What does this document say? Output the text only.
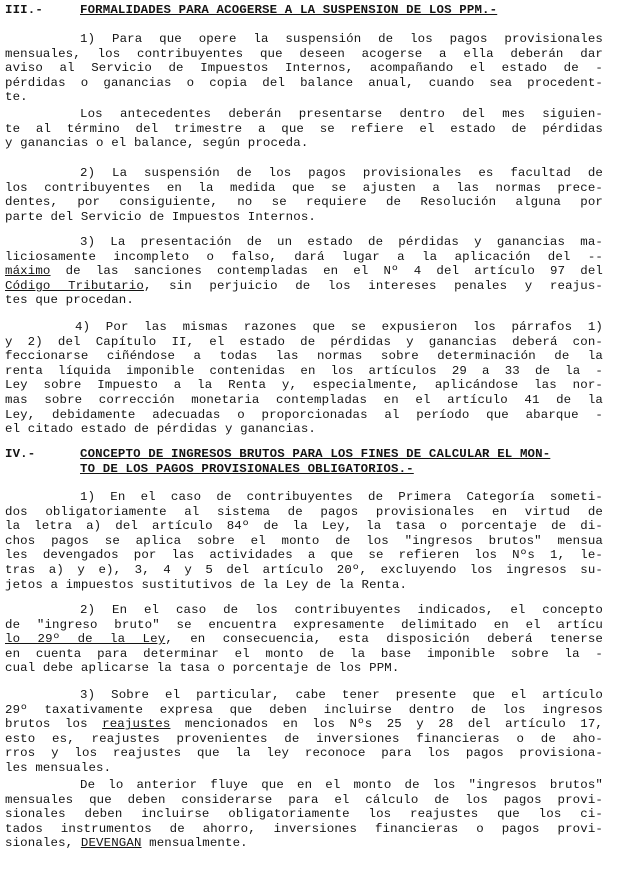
III.-	FORMALIDADES PARA ACOGERSE A LA SUSPENSION DE LOS PPM.-
1) Para que opere la suspensión de los pagos provisionales
mensuales, los contribuyentes que deseen acogerse a ella deberán dar
aviso al Servicio de Impuestos Internos, acompañando el estado de -
pérdidas o ganancias o copia del balance anual, cuando sea procedent-
te.
Los antecedentes deberán presentarse dentro del mes siguien-
te al término del trimestre a que se refiere el estado de pérdidas
y ganancias o el balance, según proceda.
2) La suspensión de los pagos provisionales es facultad de
los contribuyentes en la medida que se ajusten a las normas prece-
dentes, por consiguiente, no se requiere de Resolución alguna por
parte del Servicio de Impuestos Internos.
3) La presentación de un estado de pérdidas y ganancias ma-
liciosamente incompleto o falso, dará lugar a la aplicación del --
máximo de las sanciones contempladas en el Nº 4 del artículo 97 del
Código Tributario, sin perjuicio de los intereses penales y reajus-
tes que procedan.
4) Por las mismas razones que se expusieron los párrafos 1)
y 2) del Capítulo II, el estado de pérdidas y ganancias deberá con-
feccionarse ciñéndose a todas las normas sobre determinación de la
renta líquida imponible contenidas en los artículos 29 a 33 de la -
Ley sobre Impuesto a la Renta y, especialmente, aplicándose las nor-
mas sobre corrección monetaria contempladas en el artículo 41 de la
Ley, debidamente adecuadas o proporcionadas al período que abarque -
el citado estado de pérdidas y ganancias.
IV.-	CONCEPTO DE INGRESOS BRUTOS PARA LOS FINES DE CALCULAR EL MON-
TO DE LOS PAGOS PROVISIONALES OBLIGATORIOS.-
1) En el caso de contribuyentes de Primera Categoría someti-
dos obligatoriamente al sistema de pagos provisionales en virtud de
la letra a) del artículo 84º de la Ley, la tasa o porcentaje de di-
chos pagos se aplica sobre el monto de los "ingresos brutos" mensua
les devengados por las actividades a que se refieren los Nºs 1, le-
tras a) y e), 3, 4 y 5 del artículo 20º, excluyendo los ingresos su-
jetos a impuestos sustitutivos de la Ley de la Renta.
2) En el caso de los contribuyentes indicados, el concepto
de "ingreso bruto" se encuentra expresamente delimitado en el artícu
lo 29º de la Ley, en consecuencia, esta disposición deberá tenerse
en cuenta para determinar el monto de la base imponible sobre la -
cual debe aplicarse la tasa o porcentaje de los PPM.
3) Sobre el particular, cabe tener presente que el artículo
29º taxativamente expresa que deben incluirse dentro de los ingresos
brutos los reajustes mencionados en los Nºs 25 y 28 del artículo 17,
esto es, reajustes provenientes de inversiones financieras o de aho-
rros y los reajustes que la ley reconoce para los pagos provisiona-
les mensuales.
De lo anterior fluye que en el monto de los "ingresos brutos"
mensuales que deben considerarse para el cálculo de los pagos provi-
sionales deben incluirse obligatoriamente los reajustes que los ci-
tados instrumentos de ahorro, inversiones financieras o pagos provi-
sionales, DEVENGAN mensualmente.
